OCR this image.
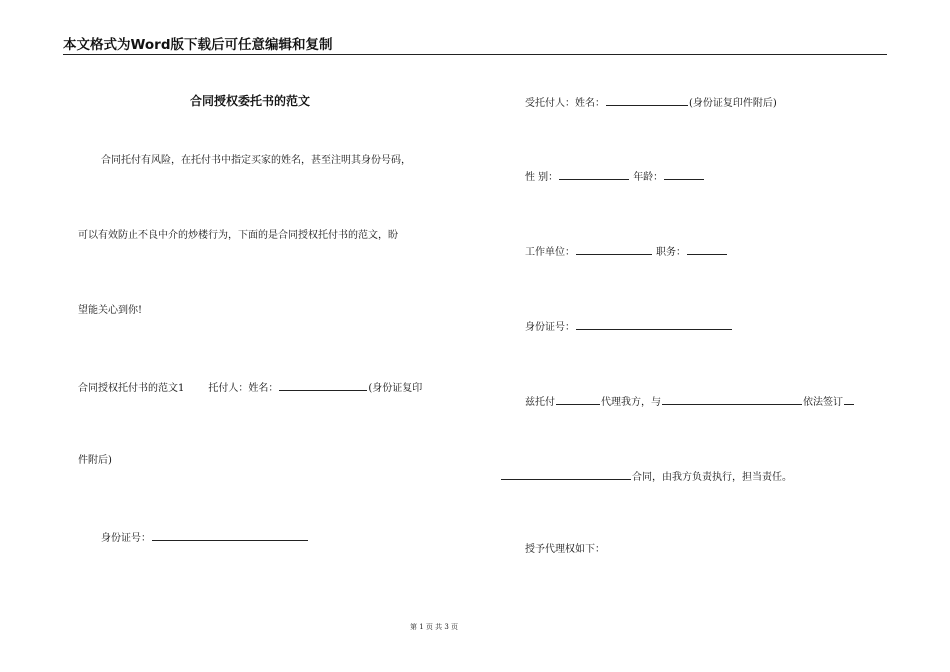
本文格式为Word版下载后可任意编辑和复制
合同授权委托书的范文
合同托付有风险，在托付书中指定买家的姓名，甚至注明其身份号码，
可以有效防止不良中介的炒楼行为，下面的是合同授权托付书的范文，盼
望能关心到你!
合同授权托付书的范文1 托付人：姓名：	(身份证复印
件附后)
身份证号：
受托付人：姓名：	(身份证复印件附后)
性 别：	年龄：
工作单位：	职务：
身份证号：
兹托付	代理我方，与	依法签订
合同，由我方负责执行，担当责任。
授予代理权如下：
第 1 页 共 3 页
